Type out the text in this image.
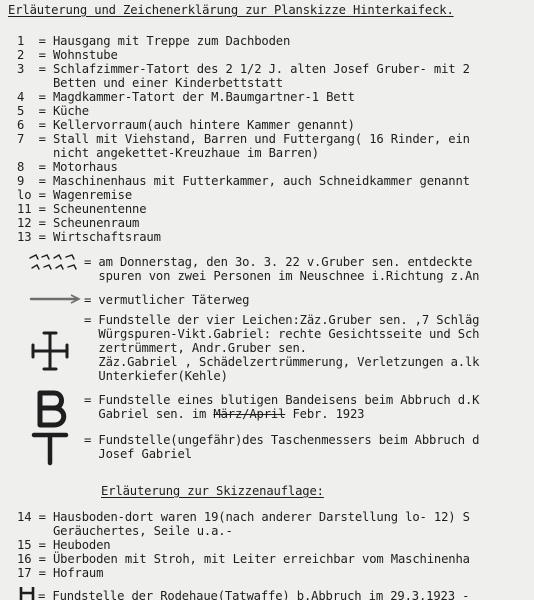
Erläuterung und Zeichenerklärung zur Planskizze Hinterkaifeck.
1  = Hausgang mit Treppe zum Dachboden
2  = Wohnstube
3  = Schlafzimmer-Tatort des 2 1/2 J. alten Josef Gruber- mit 2
Betten und einer Kinderbettstatt
4  = Magdkammer-Tatort der M.Baumgartner-1 Bett
5  = Küche
6  = Kellervorraum(auch hintere Kammer genannt)
7  = Stall mit Viehstand, Barren und Futtergang( 16 Rinder, ein
nicht angekettet-Kreuzhaue im Barren)
8  = Motorhaus
9  = Maschinenhaus mit Futterkammer, auch Schneidkammer genannt
lo = Wagenremise
11 = Scheunentenne
12 = Scheunenraum
13 = Wirtschaftsraum
= am Donnerstag, den 3o. 3. 22 v.Gruber sen. entdeckte
spuren von zwei Personen im Neuschnee i.Richtung z.An
= vermutlicher Täterweg
= Fundstelle der vier Leichen:Zäz.Gruber sen. ,7 Schläg
Würgspuren-Vikt.Gabriel: rechte Gesichtsseite und Sch
zertrümmert, Andr.Gruber sen.
Zäz.Gabriel , Schädelzertrümmerung, Verletzungen a.lk
Unterkiefer(Kehle)
= Fundstelle eines blutigen Bandeisens beim Abbruch d.K
Gabriel sen. im März/April Febr. 1923
= Fundstelle(ungefähr)des Taschenmessers beim Abbruch d
Josef Gabriel
Erläuterung zur Skizzenauflage:
14 = Hausboden-dort waren 19(nach anderer Darstellung lo- 12) S
Geräuchertes, Seile u.a.-
15 = Heuboden
16 = Überboden mit Stroh, mit Leiter erreichbar vom Maschinenha
17 = Hofraum
= Fundstelle der Rodehaue(Tatwaffe) b.Abbruch im 29.3.1923 -
